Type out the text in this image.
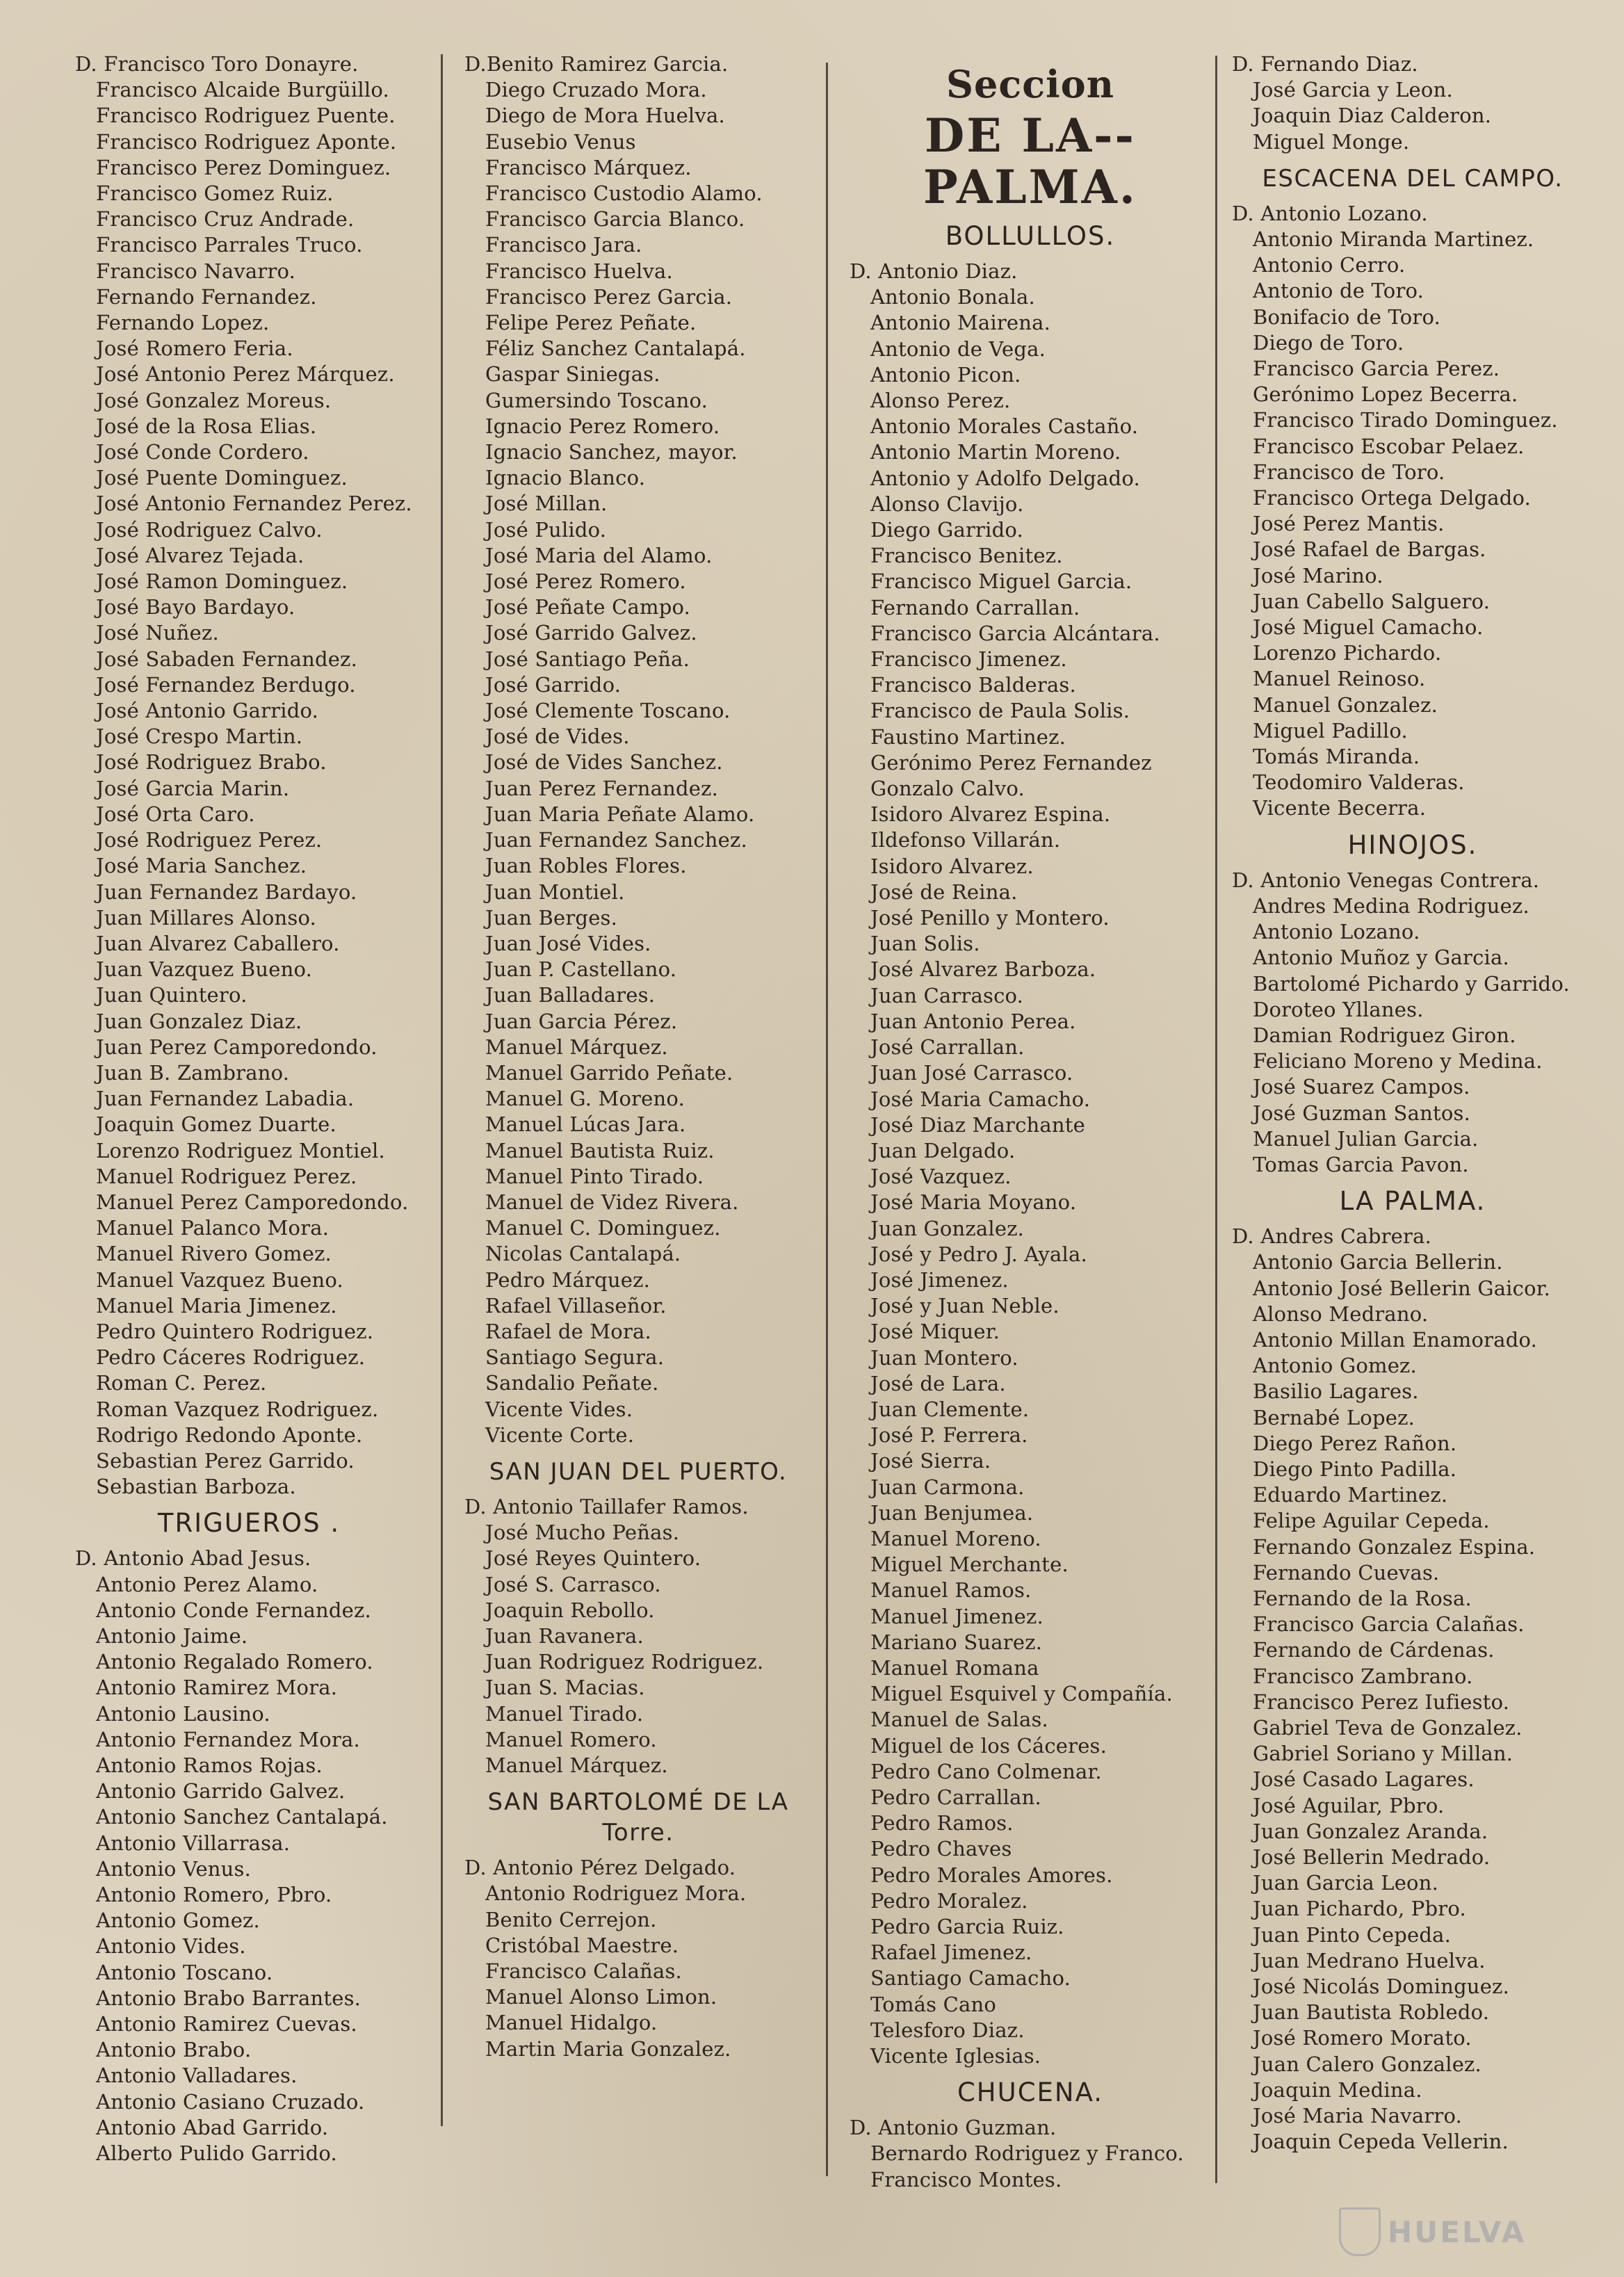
D. Francisco Toro Donayre.
Francisco Alcaide Burgüillo.
Francisco Rodriguez Puente.
Francisco Rodriguez Aponte.
Francisco Perez Dominguez.
Francisco Gomez Ruiz.
Francisco Cruz Andrade.
Francisco Parrales Truco.
Francisco Navarro.
Fernando Fernandez.
Fernando Lopez.
José Romero Feria.
José Antonio Perez Márquez.
José Gonzalez Moreus.
José de la Rosa Elias.
José Conde Cordero.
José Puente Dominguez.
José Antonio Fernandez Perez.
José Rodriguez Calvo.
José Alvarez Tejada.
José Ramon Dominguez.
José Bayo Bardayo.
José Nuñez.
José Sabaden Fernandez.
José Fernandez Berdugo.
José Antonio Garrido.
José Crespo Martin.
José Rodriguez Brabo.
José Garcia Marin.
José Orta Caro.
José Rodriguez Perez.
José Maria Sanchez.
Juan Fernandez Bardayo.
Juan Millares Alonso.
Juan Alvarez Caballero.
Juan Vazquez Bueno.
Juan Quintero.
Juan Gonzalez Diaz.
Juan Perez Camporedondo.
Juan B. Zambrano.
Juan Fernandez Labadia.
Joaquin Gomez Duarte.
Lorenzo Rodriguez Montiel.
Manuel Rodriguez Perez.
Manuel Perez Camporedondo.
Manuel Palanco Mora.
Manuel Rivero Gomez.
Manuel Vazquez Bueno.
Manuel Maria Jimenez.
Pedro Quintero Rodriguez.
Pedro Cáceres Rodriguez.
Roman C. Perez.
Roman Vazquez Rodriguez.
Rodrigo Redondo Aponte.
Sebastian Perez Garrido.
Sebastian Barboza.
TRIGUEROS .
D. Antonio Abad Jesus.
Antonio Perez Alamo.
Antonio Conde Fernandez.
Antonio Jaime.
Antonio Regalado Romero.
Antonio Ramirez Mora.
Antonio Lausino.
Antonio Fernandez Mora.
Antonio Ramos Rojas.
Antonio Garrido Galvez.
Antonio Sanchez Cantalapá.
Antonio Villarrasa.
Antonio Venus.
Antonio Romero, Pbro.
Antonio Gomez.
Antonio Vides.
Antonio Toscano.
Antonio Brabo Barrantes.
Antonio Ramirez Cuevas.
Antonio Brabo.
Antonio Valladares.
Antonio Casiano Cruzado.
Antonio Abad Garrido.
Alberto Pulido Garrido.
D.Benito Ramirez Garcia.
Diego Cruzado Mora.
Diego de Mora Huelva.
Eusebio Venus
Francisco Márquez.
Francisco Custodio Alamo.
Francisco Garcia Blanco.
Francisco Jara.
Francisco Huelva.
Francisco Perez Garcia.
Felipe Perez Peñate.
Féliz Sanchez Cantalapá.
Gaspar Siniegas.
Gumersindo Toscano.
Ignacio Perez Romero.
Ignacio Sanchez, mayor.
Ignacio Blanco.
José Millan.
José Pulido.
José Maria del Alamo.
José Perez Romero.
José Peñate Campo.
José Garrido Galvez.
José Santiago Peña.
José Garrido.
José Clemente Toscano.
José de Vides.
José de Vides Sanchez.
Juan Perez Fernandez.
Juan Maria Peñate Alamo.
Juan Fernandez Sanchez.
Juan Robles Flores.
Juan Montiel.
Juan Berges.
Juan José Vides.
Juan P. Castellano.
Juan Balladares.
Juan Garcia Pérez.
Manuel Márquez.
Manuel Garrido Peñate.
Manuel G. Moreno.
Manuel Lúcas Jara.
Manuel Bautista Ruiz.
Manuel Pinto Tirado.
Manuel de Videz Rivera.
Manuel C. Dominguez.
Nicolas Cantalapá.
Pedro Márquez.
Rafael Villaseñor.
Rafael de Mora.
Santiago Segura.
Sandalio Peñate.
Vicente Vides.
Vicente Corte.
SAN JUAN DEL PUERTO.
D. Antonio Taillafer Ramos.
José Mucho Peñas.
José Reyes Quintero.
José S. Carrasco.
Joaquin Rebollo.
Juan Ravanera.
Juan Rodriguez Rodriguez.
Juan S. Macias.
Manuel Tirado.
Manuel Romero.
Manuel Márquez.
SAN BARTOLOMÉ DE LA Torre.
D. Antonio Pérez Delgado.
Antonio Rodriguez Mora.
Benito Cerrejon.
Cristóbal Maestre.
Francisco Calañas.
Manuel Alonso Limon.
Manuel Hidalgo.
Martin Maria Gonzalez.
Seccion
DE LA--PALMA.
BOLLULLOS.
D. Antonio Diaz.
Antonio Bonala.
Antonio Mairena.
Antonio de Vega.
Antonio Picon.
Alonso Perez.
Antonio Morales Castaño.
Antonio Martin Moreno.
Antonio y Adolfo Delgado.
Alonso Clavijo.
Diego Garrido.
Francisco Benitez.
Francisco Miguel Garcia.
Fernando Carrallan.
Francisco Garcia Alcántara.
Francisco Jimenez.
Francisco Balderas.
Francisco de Paula Solis.
Faustino Martinez.
Gerónimo Perez Fernandez
Gonzalo Calvo.
Isidoro Alvarez Espina.
Ildefonso Villarán.
Isidoro Alvarez.
José de Reina.
José Penillo y Montero.
Juan Solis.
José Alvarez Barboza.
Juan Carrasco.
Juan Antonio Perea.
José Carrallan.
Juan José Carrasco.
José Maria Camacho.
José Diaz Marchante
Juan Delgado.
José Vazquez.
José Maria Moyano.
Juan Gonzalez.
José y Pedro J. Ayala.
José Jimenez.
José y Juan Neble.
José Miquer.
Juan Montero.
José de Lara.
Juan Clemente.
José P. Ferrera.
José Sierra.
Juan Carmona.
Juan Benjumea.
Manuel Moreno.
Miguel Merchante.
Manuel Ramos.
Manuel Jimenez.
Mariano Suarez.
Manuel Romana
Miguel Esquivel y Compañía.
Manuel de Salas.
Miguel de los Cáceres.
Pedro Cano Colmenar.
Pedro Carrallan.
Pedro Ramos.
Pedro Chaves
Pedro Morales Amores.
Pedro Moralez.
Pedro Garcia Ruiz.
Rafael Jimenez.
Santiago Camacho.
Tomás Cano
Telesforo Diaz.
Vicente Iglesias.
CHUCENA.
D. Antonio Guzman.
Bernardo Rodriguez y Franco.
Francisco Montes.
D. Fernando Diaz.
José Garcia y Leon.
Joaquin Diaz Calderon.
Miguel Monge.
ESCACENA DEL CAMPO.
D. Antonio Lozano.
Antonio Miranda Martinez.
Antonio Cerro.
Antonio de Toro.
Bonifacio de Toro.
Diego de Toro.
Francisco Garcia Perez.
Gerónimo Lopez Becerra.
Francisco Tirado Dominguez.
Francisco Escobar Pelaez.
Francisco de Toro.
Francisco Ortega Delgado.
José Perez Mantis.
José Rafael de Bargas.
José Marino.
Juan Cabello Salguero.
José Miguel Camacho.
Lorenzo Pichardo.
Manuel Reinoso.
Manuel Gonzalez.
Miguel Padillo.
Tomás Miranda.
Teodomiro Valderas.
Vicente Becerra.
HINOJOS.
D. Antonio Venegas Contrera.
Andres Medina Rodriguez.
Antonio Lozano.
Antonio Muñoz y Garcia.
Bartolomé Pichardo y Garrido.
Doroteo Yllanes.
Damian Rodriguez Giron.
Feliciano Moreno y Medina.
José Suarez Campos.
José Guzman Santos.
Manuel Julian Garcia.
Tomas Garcia Pavon.
LA PALMA.
D. Andres Cabrera.
Antonio Garcia Bellerin.
Antonio José Bellerin Gaicor.
Alonso Medrano.
Antonio Millan Enamorado.
Antonio Gomez.
Basilio Lagares.
Bernabé Lopez.
Diego Perez Rañon.
Diego Pinto Padilla.
Eduardo Martinez.
Felipe Aguilar Cepeda.
Fernando Gonzalez Espina.
Fernando Cuevas.
Fernando de la Rosa.
Francisco Garcia Calañas.
Fernando de Cárdenas.
Francisco Zambrano.
Francisco Perez Iufiesto.
Gabriel Teva de Gonzalez.
Gabriel Soriano y Millan.
José Casado Lagares.
José Aguilar, Pbro.
Juan Gonzalez Aranda.
José Bellerin Medrado.
Juan Garcia Leon.
Juan Pichardo, Pbro.
Juan Pinto Cepeda.
Juan Medrano Huelva.
José Nicolás Dominguez.
Juan Bautista Robledo.
José Romero Morato.
Juan Calero Gonzalez.
Joaquin Medina.
José Maria Navarro.
Joaquin Cepeda Vellerin.
HUELVA
